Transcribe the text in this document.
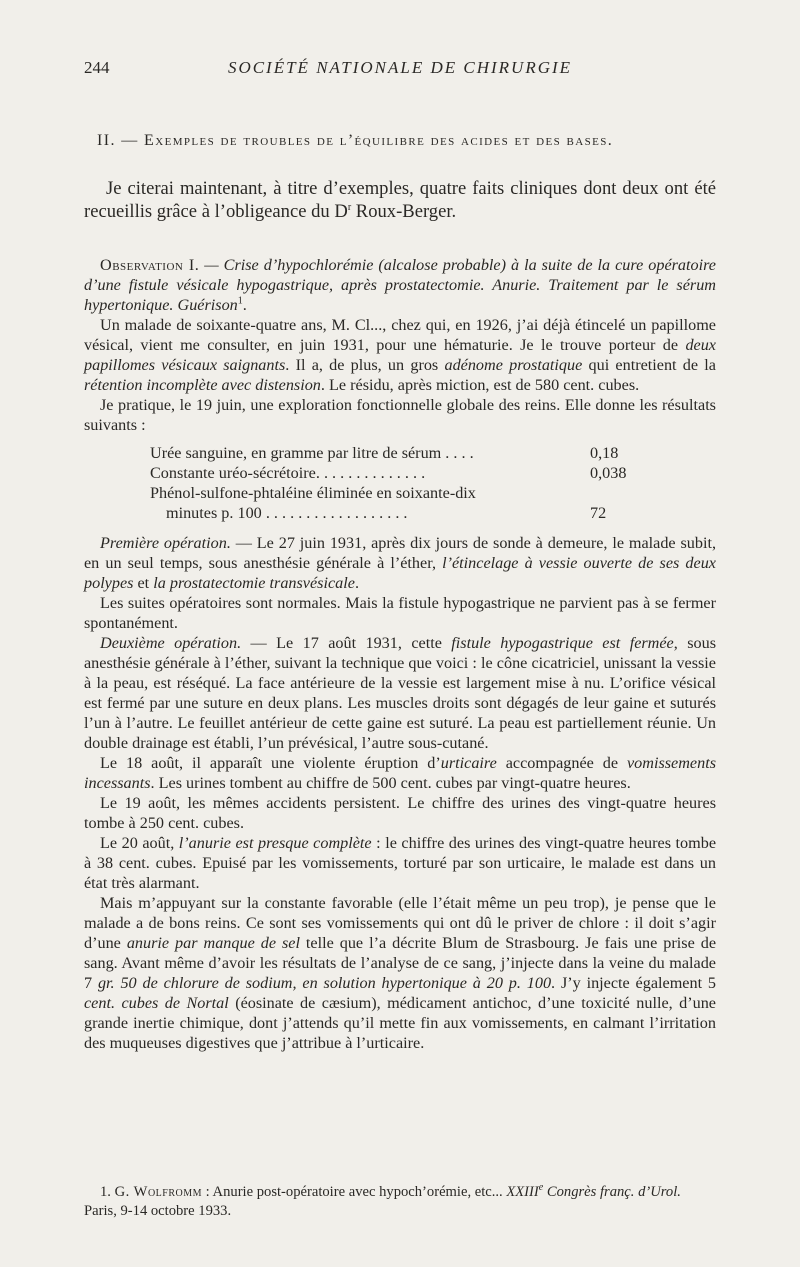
244	SOCIÉTÉ NATIONALE DE CHIRURGIE
II. — Exemples de troubles de l’équilibre des acides et des bases.

Je citerai maintenant, à titre d’exemples, quatre faits cliniques dont deux ont été recueillis grâce à l’obligeance du $D^r$ Roux-Berger.

Observation I. — Crise d’hypochlorémie (alcalose probable) à la suite de la cure opératoire d’une fistule vésicale hypogastrique, après prostatectomie. Anurie. Traitement par le sérum hypertonique. Guérison$^1$.

Un malade de soixante-quatre ans, M. Cl..., chez qui, en 1926, j’ai déjà étincelé un papillome vésical, vient me consulter, en juin 1931, pour une hématurie. Je le trouve porteur de deux papillomes vésicaux saignants. Il a, de plus, un gros adénome prostatique qui entretient de la rétention incomplète avec distension. Le résidu, après miction, est de 580 cent. cubes.

Je pratique, le 19 juin, une exploration fonctionnelle globale des reins. Elle donne les résultats suivants :

Urée sanguine, en gramme par litre de sérum . . . .	0,18
Constante uréo-sécrétoire. . . . . . . . . . . . . .	0,038
Phénol-sulfone-phtaléine éliminée en soixante-dix
minutes p. 100 . . . . . . . . . . . . . . . . . .	72

Première opération. — Le 27 juin 1931, après dix jours de sonde à demeure, le malade subit, en un seul temps, sous anesthésie générale à l’éther, l’étincelage à vessie ouverte de ses deux polypes et la prostatectomie transvésicale.

Les suites opératoires sont normales. Mais la fistule hypogastrique ne parvient pas à se fermer spontanément.

Deuxième opération. — Le 17 août 1931, cette fistule hypogastrique est fermée, sous anesthésie générale à l’éther, suivant la technique que voici : le cône cicatriciel, unissant la vessie à la peau, est réséqué. La face antérieure de la vessie est largement mise à nu. L’orifice vésical est fermé par une suture en deux plans. Les muscles droits sont dégagés de leur gaine et suturés l’un à l’autre. Le feuillet antérieur de cette gaine est suturé. La peau est partiellement réunie. Un double drainage est établi, l’un prévésical, l’autre sous-cutané.

Le 18 août, il apparaît une violente éruption d’urticaire accompagnée de vomissements incessants. Les urines tombent au chiffre de 500 cent. cubes par vingt-quatre heures.

Le 19 août, les mêmes accidents persistent. Le chiffre des urines des vingt-quatre heures tombe à 250 cent. cubes.

Le 20 août, l’anurie est presque complète : le chiffre des urines des vingt-quatre heures tombe à 38 cent. cubes. Epuisé par les vomissements, torturé par son urticaire, le malade est dans un état très alarmant.

Mais m’appuyant sur la constante favorable (elle l’était même un peu trop), je pense que le malade a de bons reins. Ce sont ses vomissements qui ont dû le priver de chlore : il doit s’agir d’une anurie par manque de sel telle que l’a décrite Blum de Strasbourg. Je fais une prise de sang. Avant même d’avoir les résultats de l’analyse de ce sang, j’injecte dans la veine du malade 7 gr. 50 de chlorure de sodium, en solution hypertonique à 20 p. 100. J’y injecte également 5 cent. cubes de Nortal (éosinate de cæsium), médicament antichoc, d’une toxicité nulle, d’une grande inertie chimique, dont j’attends qu’il mette fin aux vomissements, en calmant l’irritation des muqueuses digestives que j’attribue à l’urticaire.

1. G. Wolfromm : Anurie post-opératoire avec hypoch’orémie, etc... XXIIIe Congrès franç. d’Urol. Paris, 9-14 octobre 1933.
